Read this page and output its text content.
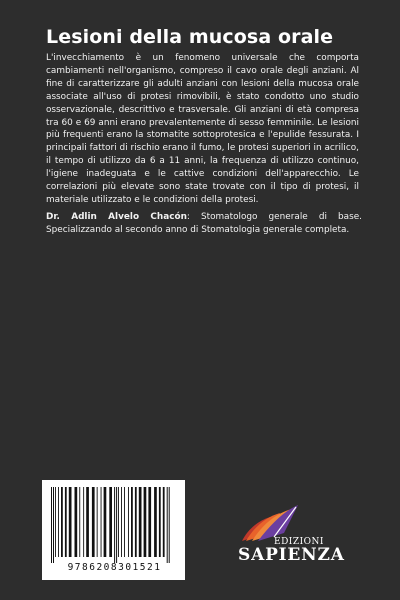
Lesioni della mucosa orale
L'invecchiamento è un fenomeno universale che comporta cambiamenti nell'organismo, compreso il cavo orale degli anziani. Al fine di caratterizzare gli adulti anziani con lesioni della mucosa orale associate all'uso di protesi rimovibili, è stato condotto uno studio osservazionale, descrittivo e trasversale. Gli anziani di età compresa tra 60 e 69 anni erano prevalentemente di sesso femminile. Le lesioni più frequenti erano la stomatite sottoprotesica e l'epulide fessurata. I principali fattori di rischio erano il fumo, le protesi superiori in acrilico, il tempo di utilizzo da 6 a 11 anni, la frequenza di utilizzo continuo, l'igiene inadeguata e le cattive condizioni dell'apparecchio. Le correlazioni più elevate sono state trovate con il tipo di protesi, il materiale utilizzato e le condizioni della protesi.
Dr. Adlin Alvelo Chacón: Stomatologo generale di base. Specializzando al secondo anno di Stomatologia generale completa.
9786208301521
EDIZIONI
SAPIENZA
